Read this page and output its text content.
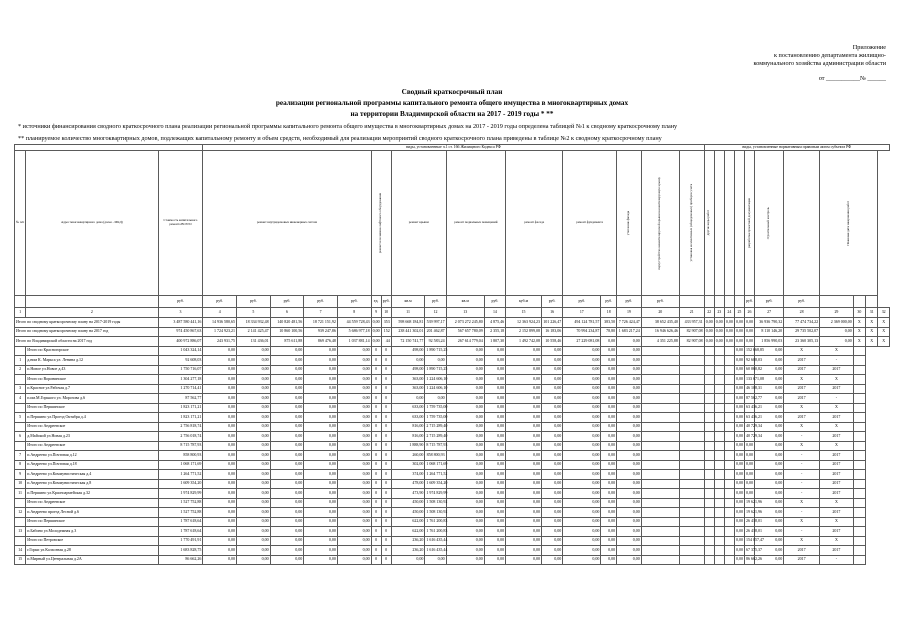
Приложение
к постановлению департамента жилищно-
коммунального хозяйства администрации области
от ___________№ ______
Сводный краткосрочный план
реализации региональной программы капитального ремонта общего имущества в многоквартирных домах
на территории Владимирской области на 2017 - 2019 годы * **
* источники финансирования сводного краткосрочного плана реализации региональной программы капитального ремонта общего имущества в многоквартирных домах на 2017 - 2019 годы определена таблицей №1 к сводному краткосрочному плану
** планируемое количество многоквартирных домов, подлежащих капитальному ремонту и объем средств, необходимый для реализации мероприятий сводного краткосрочного плана приведены в таблице №2 к сводному краткосрочному плану
			виды, установленные ч.1 ст. 166 Жилищного Кодекса РФ																		виды, установленные нормативным правовым актом субъекта РФ										

№ п/п	Адрес многоквартирного дома (далее - МКД)	Стоимость капитального ремонта ВСЕГО	ремонт внутридомовых инженерных систем					ремонт или замена лифтового оборудования		ремонт крыши		ремонт подвальных помещений		ремонт фасада		ремонт фундамента		утепление фасада	переустройство невентилируемой крыши на вентилируемую крышу	установка коллективных (общедомовых) приборов учета	другие виды работ				разработка проектной документации	строительный контроль		Плановая дата завершения работ			

		руб.	руб.	руб.	руб.	руб.	руб.	ед.	руб.	кв.м	руб.	кв.м	руб.	куб.м	руб.	руб.	руб.	руб.	руб.						руб.	руб.	руб.				
1	2	3	4	5	6	7	8	9	10	11	12	13	14	15	16	17	18	19	20	21	22	23	24	25	26	27	28	29	30	31	32
Итого по сводному краткосрочному плану на 2017-2019 годы		3 487 580 441,16	14 936 580,65	18 334 932,48	140 820 481,56	18 721 151,92	44 559 728,43	0,00	353	598 668 184,81	539 997,17	2 073 272 245,80	4 875,46	12 363 924,23	101 226,47	494 124 781,57	383,50	7 726 424,47	38 652 435,40	433 957,31	0,00	0,00	0,00	0,00	0,00	36 936 790,32	77 474 734,22	2 369 000,00	X	X	X
Итого по сводному краткосрочному плану на 2017 год		974 450 867,63	1 724 923,21	2 141 425,47	10 860 100,56	939 247,86	5 686 977,18	0,00	152	238 441 302,01	201 462,87	567 657 780,09	2 355,18	2 152 899,08	16 183,06	70 994 234,87	78,80	1 683 217,24	16 946 626,46	82 907,08	0,00	0,00	0,00	0,00	0,00	8 110 146,20	29 735 502,07	0,00	X	X	X
Итого по Владимирской области на 2017 год		400 972 886,07	243 931,75	131 436,01	875 611,88	869 476,48	1 037 881,14	0,00	44	72 150 741,77	92 583,24	267 614 779,04	1 807,30	1 492 742,08	10 558,46	27 229 081,08	0,00	0,00	4 351 225,88	82 907,08	0,00	0,00	0,00	0,00	0,00	1 856 990,03	23 360 305,13	0,00	X	X	X
	Итого по Красногорское	1 043 324,14	0,00	0,00	0,00	0,00	0,00	0	0	498,00	1 890 715,25	0,00	0,00	0,00	0,00	0,00	0,00	0,00						0,00	152 668,85	0,00	X	X			
1	д.ним К. Маркса ул. Ленина д.12	92 608,03	0,00	0,00	0,00	0,00	0,00	0	0	0,00	0,00	0,00	0,00	0,00	0,00	0,00	0,00	0,00						0,00	92 608,03	0,00	2017	-			
2	п.Новое ул.Новое д.43	1 750 716,07	0,00	0,00	0,00	0,00	0,00	0	0	498,00	1 890 715,25	0,00	0,00	0,00	0,00	0,00	0,00	0,00						0,00	60 060,82	0,00	2017	2017			
	Итого по Воронинское	1 304 277,18	0,00	0,00	0,00	0,00	0,00	0	0	363,00	1 224 606,10	0,00	0,00	0,00	0,00	0,00	0,00	0,00						0,00	133 671,08	0,00	X	X			
3	п.Красное ул.Рабочая д.7	1 270 714,41	0,00	0,00	0,00	0,00	0,00	0	0	363,00	1 224 606,10	0,00	0,00	0,00	0,00	0,00	0,00	0,00						0,00	46 108,31	0,00	2017	2017			
4	п.им.М.Горького ул. Морозова д.6	87 562,77	0,00	0,00	0,00	0,00	0,00	0	0	0,00	0,00	0,00	0,00	0,00	0,00	0,00	0,00	0,00						0,00	87 562,77	0,00	2017	-			
	Итого по Першинское	1 823 171,21	0,00	0,00	0,00	0,00	0,00	0	0	633,00	1 759 735,00	0,00	0,00	0,00	0,00	0,00	0,00	0,00						0,00	63 436,21	0,00	X	X			
5	п.Першино ул.Проезд Октября д.4	1 823 171,21	0,00	0,00	0,00	0,00	0,00	0	0	633,00	1 759 735,00	0,00	0,00	0,00	0,00	0,00	0,00	0,00						0,00	63 436,21	0,00	2017	2017			
	Итого по Андреевское	2 756 818,74	0,00	0,00	0,00	0,00	0,00	0	0	816,00	2 715 289,40	0,00	0,00	0,00	0,00	0,00	0,00	0,00						0,00	40 729,34	0,00	X	X			
6	д.Майский ул.Новая д.23	2 756 018,74	0,00	0,00	0,00	0,00	0,00	0	0	816,00	2 715 289,40	0,00	0,00	0,00	0,00	0,00	0,00	0,00						0,00	40 729,34	0,00	-	2017			
	Итого по Андреевское	8 715 787,93	0,00	0,00	0,00	0,00	0,00	0	0	1 888,90	8 715 787,93	0,00	0,00	0,00	0,00	0,00	0,00	0,00						0,00	0,00	0,00	X	X			
7	п.Андреево ул.Почтовая д.12	858 800,93	0,00	0,00	0,00	0,00	0,00	0	0	260,00	858 800,93	0,00	0,00	0,00	0,00	0,00	0,00	0,00						0,00	0,00	0,00	-	2017			
8	п.Андреево ул.Почтовая д.18	1 068 171,69	0,00	0,00	0,00	0,00	0,00	0	0	302,00	1 068 171,69	0,00	0,00	0,00	0,00	0,00	0,00	0,00						0,00	0,00	0,00	-	2017			
9	п.Андреево ул.Коммунистическая д.4	1 264 771,52	0,00	0,00	0,00	0,00	0,00	0	0	374,00	1 264 771,52	0,00	0,00	0,00	0,00	0,00	0,00	0,00						0,00	0,00	0,00	-	2017			
10	п.Андреево ул.Коммунистическая д.8	1 609 354,20	0,00	0,00	0,00	0,00	0,00	0	0	478,00	1 609 354,20	0,00	0,00	0,00	0,00	0,00	0,00	0,00						0,00	0,00	0,00	-	2017			
11	п.Першино ул.Красноармейская д.32	1 974 829,99	0,00	0,00	0,00	0,00	0,00	0	0	473,90	1 974 829,99	0,00	0,00	0,00	0,00	0,00	0,00	0,00						0,00	0,00	0,00	-	2017			
	Итого по Андреевское	1 527 752,88	0,00	0,00	0,00	0,00	0,00	0	0	450,00	1 508 130,92	0,00	0,00	0,00	0,00	0,00	0,00	0,00						0,00	19 621,96	0,00	X	X			
12	п.Андреево проезд Лесной д.6	1 527 752,88	0,00	0,00	0,00	0,00	0,00	0	0	450,00	1 508 130,92	0,00	0,00	0,00	0,00	0,00	0,00	0,00						0,00	19 621,96	0,00	-	2017			
	Итого по Першинское	1 787 618,64	0,00	0,00	0,00	0,00	0,00	0	0	622,00	1 761 200,83	0,00	0,00	0,00	0,00	0,00	0,00	0,00						0,00	26 418,01	0,00	X	X			
13	п.Бабино ул.Молодежная д.3	1 787 618,64	0,00	0,00	0,00	0,00	0,00	0	0	622,00	1 761 200,83	0,00	0,00	0,00	0,00	0,00	0,00	0,00						0,00	26 418,01	0,00	-	2017			
	Итого по Петровское	1 770 491,91	0,00	0,00	0,00	0,00	0,00	0	0	236,20	1 616 435,44	0,00	0,00	0,00	0,00	0,00	0,00	0,00						0,00	154 057,47	0,00	X	X			
14	г.Горки ул.Колхозная д.28	1 683 828,75	0,00	0,00	0,00	0,00	0,00	0	0	236,20	1 616 435,44	0,00	0,00	0,00	0,00	0,00	0,00	0,00						0,00	67 375,37	0,00	2017	2017			
15	п.Мирный ул.Центральная д.2А	86 662,26	0,00	0,00	0,00	0,00	0,00	0	0	0,00	0,00	0,00	0,00	0,00	0,00	0,00	0,00	0,00						0,00	86 662,26	0,00	2017	-			
